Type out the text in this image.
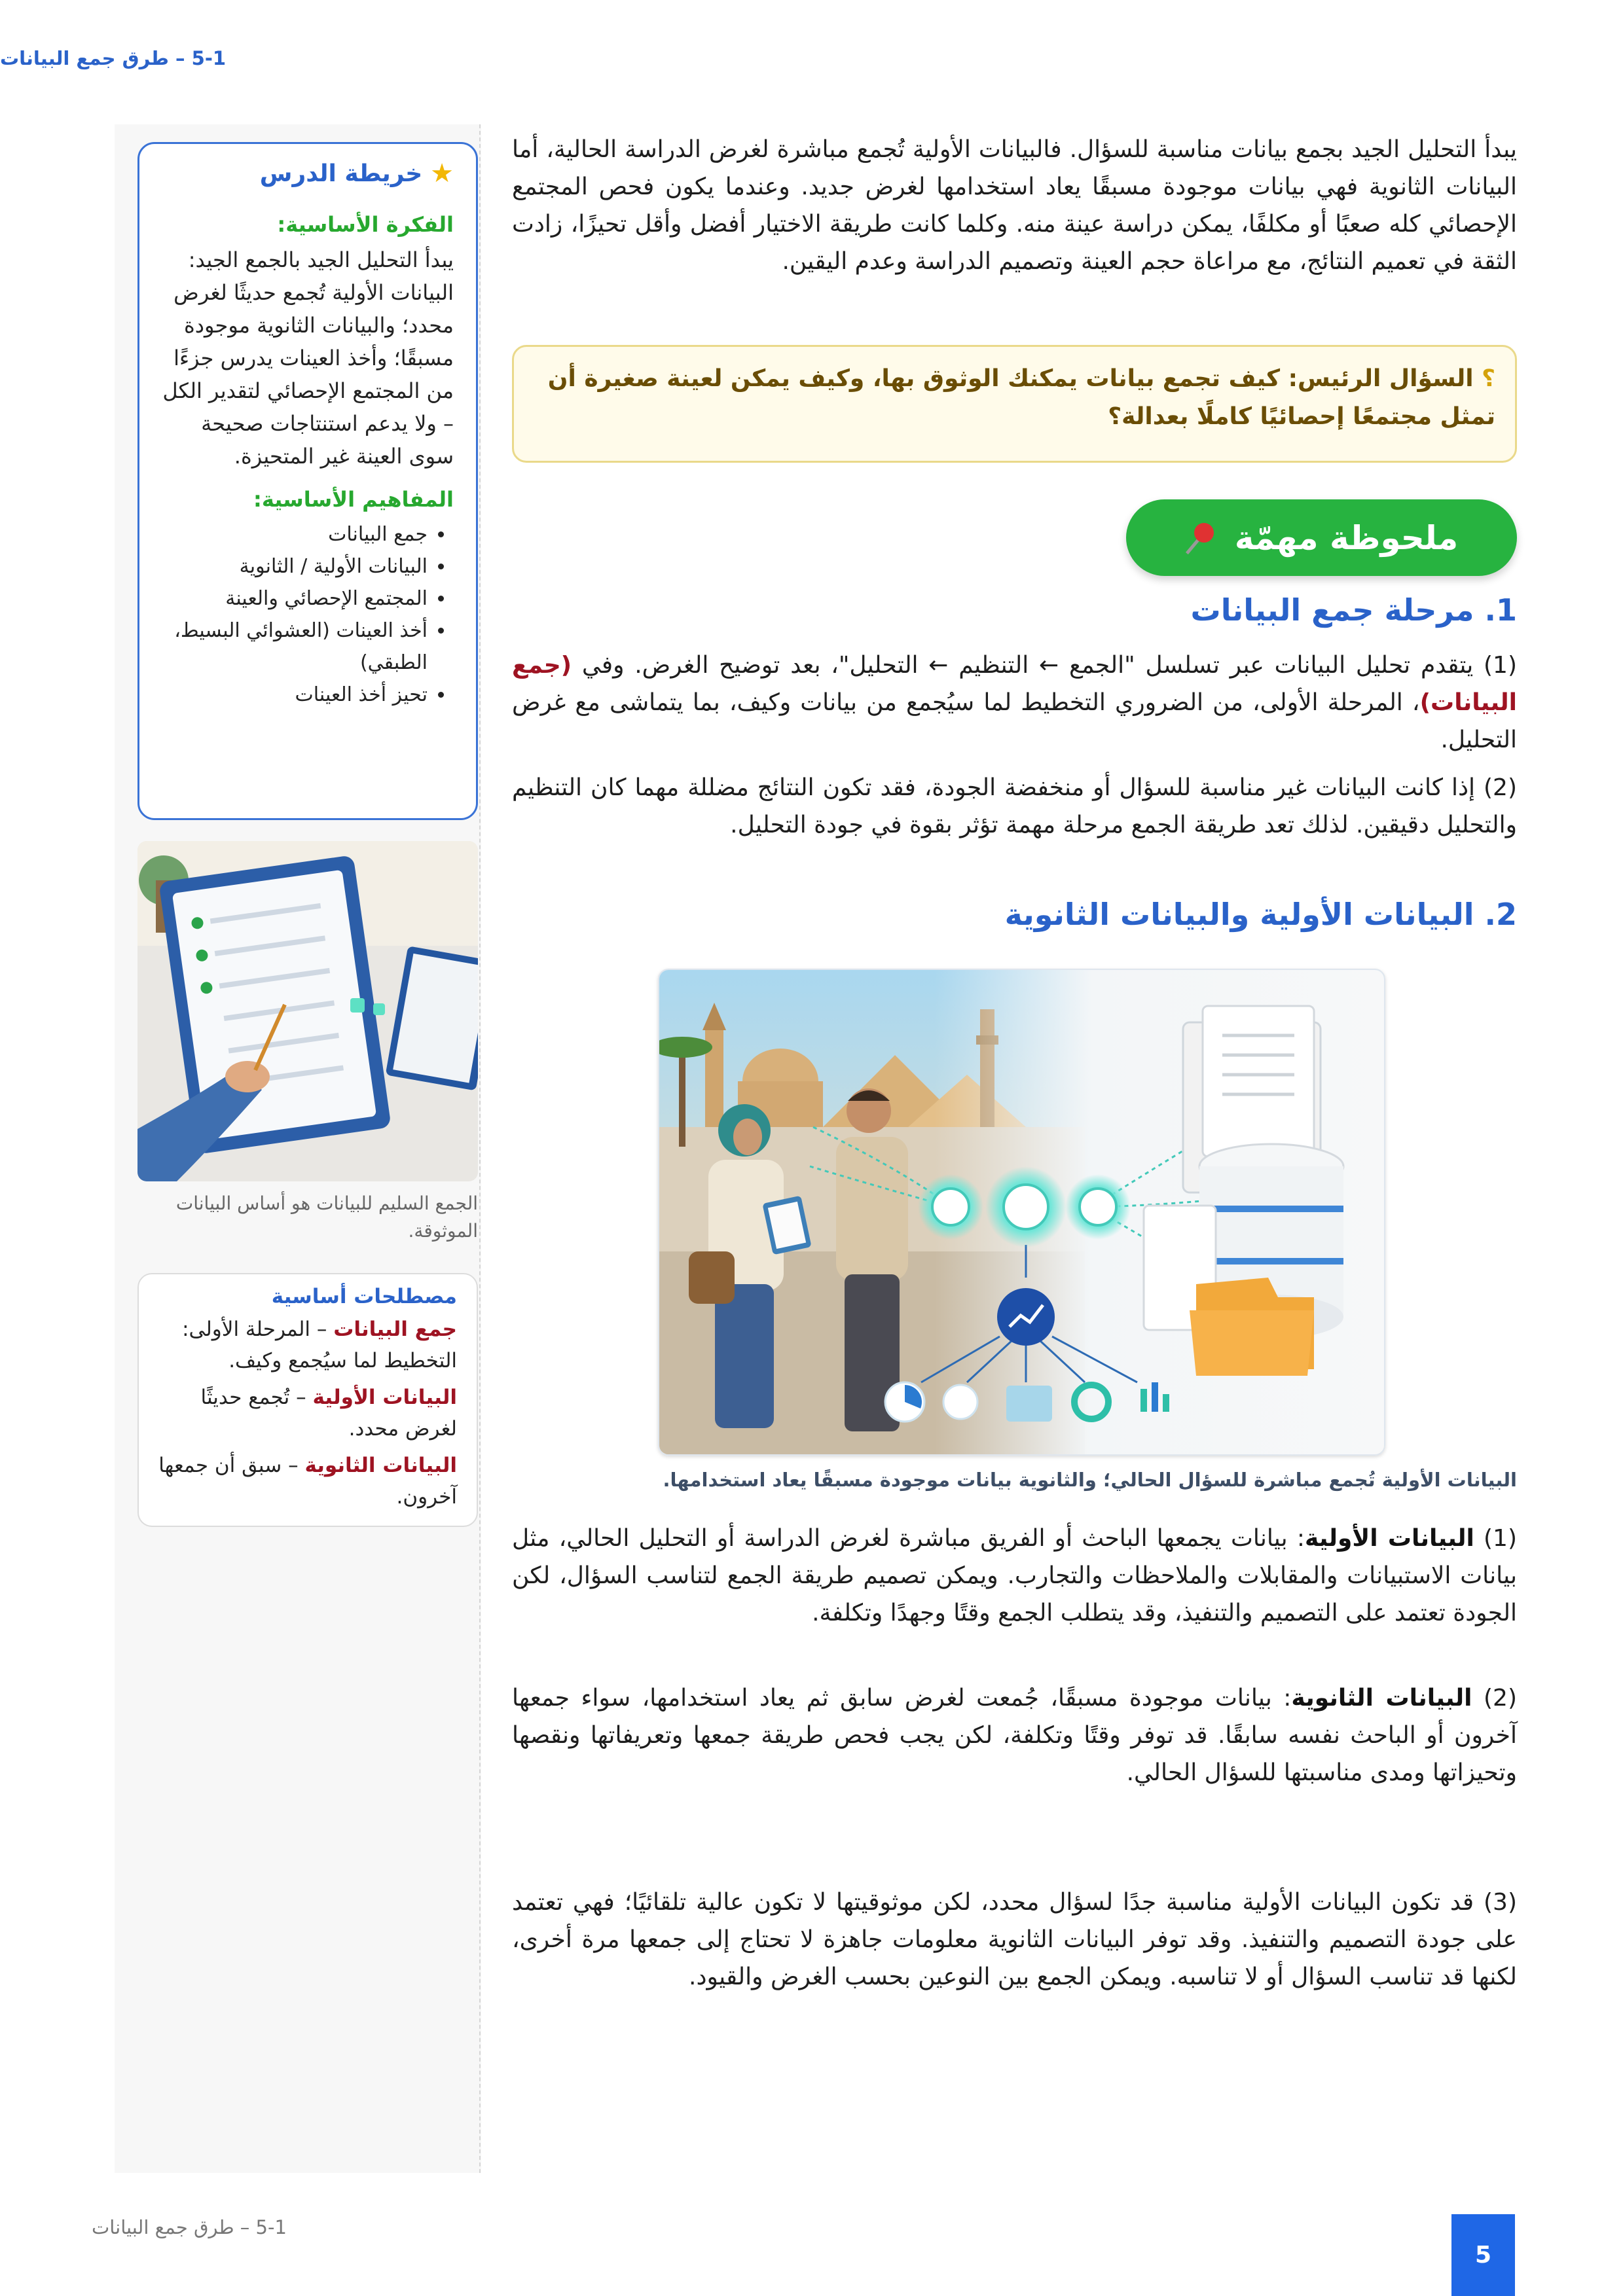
5-1 – طرق جمع البيانات
يبدأ التحليل الجيد بجمع بيانات مناسبة للسؤال. فالبيانات الأولية تُجمع مباشرة لغرض الدراسة الحالية، أما البيانات الثانوية فهي بيانات موجودة مسبقًا يعاد استخدامها لغرض جديد. وعندما يكون فحص المجتمع الإحصائي كله صعبًا أو مكلفًا، يمكن دراسة عينة منه. وكلما كانت طريقة الاختيار أفضل وأقل تحيزًا، زادت الثقة في تعميم النتائج، مع مراعاة حجم العينة وتصميم الدراسة وعدم اليقين.

؟ السؤال الرئيس: كيف تجمع بيانات يمكنك الوثوق بها، وكيف يمكن لعينة صغيرة أن تمثل مجتمعًا إحصائيًا كاملًا بعدالة؟

ملحوظة مهمّة
1. مرحلة جمع البيانات
(1) يتقدم تحليل البيانات عبر تسلسل "الجمع ← التنظيم ← التحليل"، بعد توضيح الغرض. وفي (جمع البيانات)، المرحلة الأولى، من الضروري التخطيط لما سيُجمع من بيانات وكيف، بما يتماشى مع غرض التحليل.
(2) إذا كانت البيانات غير مناسبة للسؤال أو منخفضة الجودة، فقد تكون النتائج مضللة مهما كان التنظيم والتحليل دقيقين. لذلك تعد طريقة الجمع مرحلة مهمة تؤثر بقوة في جودة التحليل.
2. البيانات الأولية والبيانات الثانوية
البيانات الأولية تُجمع مباشرة للسؤال الحالي؛ والثانوية بيانات موجودة مسبقًا يعاد استخدامها.
(1) البيانات الأولية: بيانات يجمعها الباحث أو الفريق مباشرة لغرض الدراسة أو التحليل الحالي، مثل بيانات الاستبيانات والمقابلات والملاحظات والتجارب. ويمكن تصميم طريقة الجمع لتناسب السؤال، لكن الجودة تعتمد على التصميم والتنفيذ، وقد يتطلب الجمع وقتًا وجهدًا وتكلفة.
(2) البيانات الثانوية: بيانات موجودة مسبقًا، جُمعت لغرض سابق ثم يعاد استخدامها، سواء جمعها آخرون أو الباحث نفسه سابقًا. قد توفر وقتًا وتكلفة، لكن يجب فحص طريقة جمعها وتعريفاتها ونقصها وتحيزاتها ومدى مناسبتها للسؤال الحالي.
(3) قد تكون البيانات الأولية مناسبة جدًا لسؤال محدد، لكن موثوقيتها لا تكون عالية تلقائيًا؛ فهي تعتمد على جودة التصميم والتنفيذ. وقد توفر البيانات الثانوية معلومات جاهزة لا تحتاج إلى جمعها مرة أخرى، لكنها قد تناسب السؤال أو لا تناسبه. ويمكن الجمع بين النوعين بحسب الغرض والقيود.
★
خريطة الدرس
الفكرة الأساسية:
يبدأ التحليل الجيد بالجمع الجيد: البيانات الأولية تُجمع حديثًا لغرض محدد؛ والبيانات الثانوية موجودة مسبقًا؛ وأخذ العينات يدرس جزءًا من المجتمع الإحصائي لتقدير الكل – ولا يدعم استنتاجات صحيحة سوى العينة غير المتحيزة.
المفاهيم الأساسية:
• جمع البيانات
• البيانات الأولية / الثانوية
• المجتمع الإحصائي والعينة
• أخذ العينات (العشوائي البسيط، الطبقي)
• تحيز أخذ العينات
الجمع السليم للبيانات هو أساس البيانات الموثوقة.
مصطلحات أساسية
جمع البيانات – المرحلة الأولى: التخطيط لما سيُجمع وكيف.
البيانات الأولية – تُجمع حديثًا لغرض محدد.
البيانات الثانوية – سبق أن جمعها آخرون.
5-1 – طرق جمع البيانات
5
